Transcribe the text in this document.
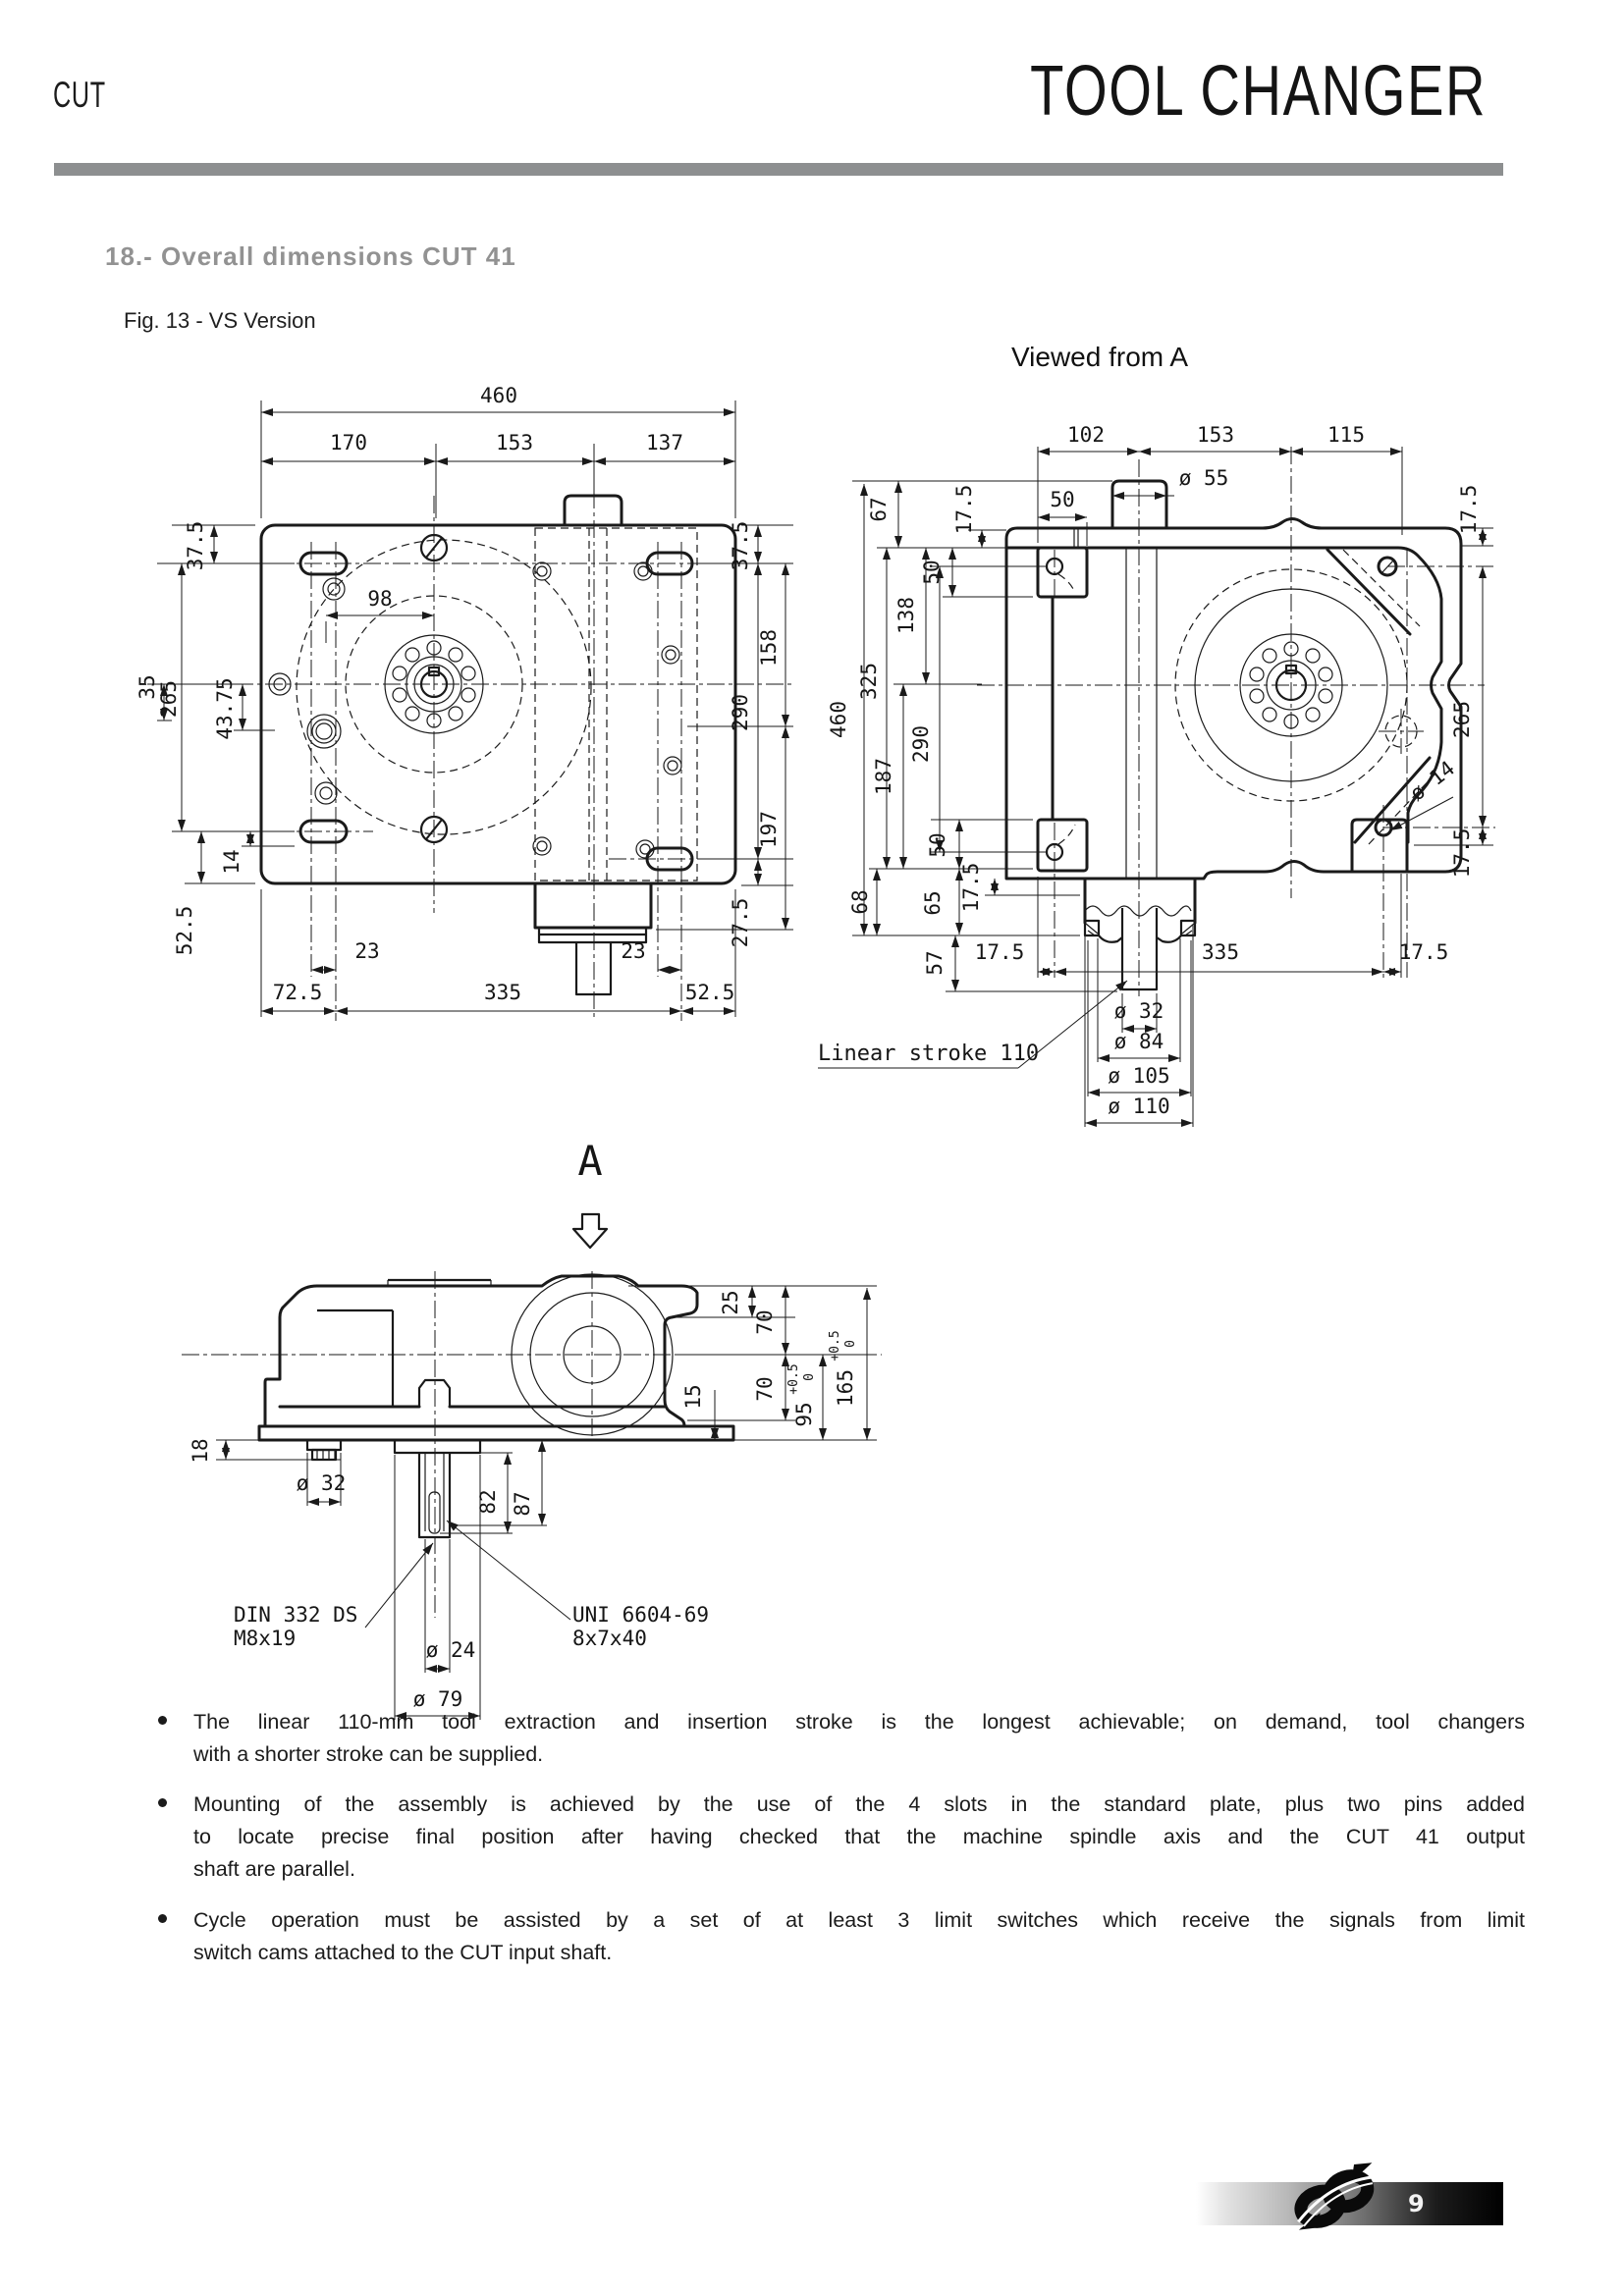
CUT	TOOL CHANGER
18.- Overall dimensions CUT 41
Fig. 13 - VS Version
Viewed from A
460
170	153	137
98
37.5
35
265 43.75
14
52.5
37.5
158
290
197
27.5
23	23
72.5	335	52.5
102	153	115
ø 55
50
67	17.5
460
325
138
50
187
290
50
68 65 17.5
57 17.5	335	17.5
ø 32
ø 84
ø 105
ø 110
17.5
265
17.5
ø 14
Linear stroke 110
A
25
70
70
15
95
+0.5 0 165
+0.5 0
18
ø 32
82 87
DIN 332 DS
M8x19
UNI 6604-69
8x7x40
ø 24
ø 79
The linear 110-mm tool extraction and insertion stroke is the longest achievable; on demand, tool changers
with a shorter stroke can be supplied.
Mounting of the assembly is achieved by the use of the 4 slots in the standard plate, plus two pins added
to locate precise final position after having checked that the machine spindle axis and the CUT 41 output
shaft are parallel.
Cycle operation must be assisted by a set of at least 3 limit switches which receive the signals from limit
switch cams attached to the CUT input shaft.
9
